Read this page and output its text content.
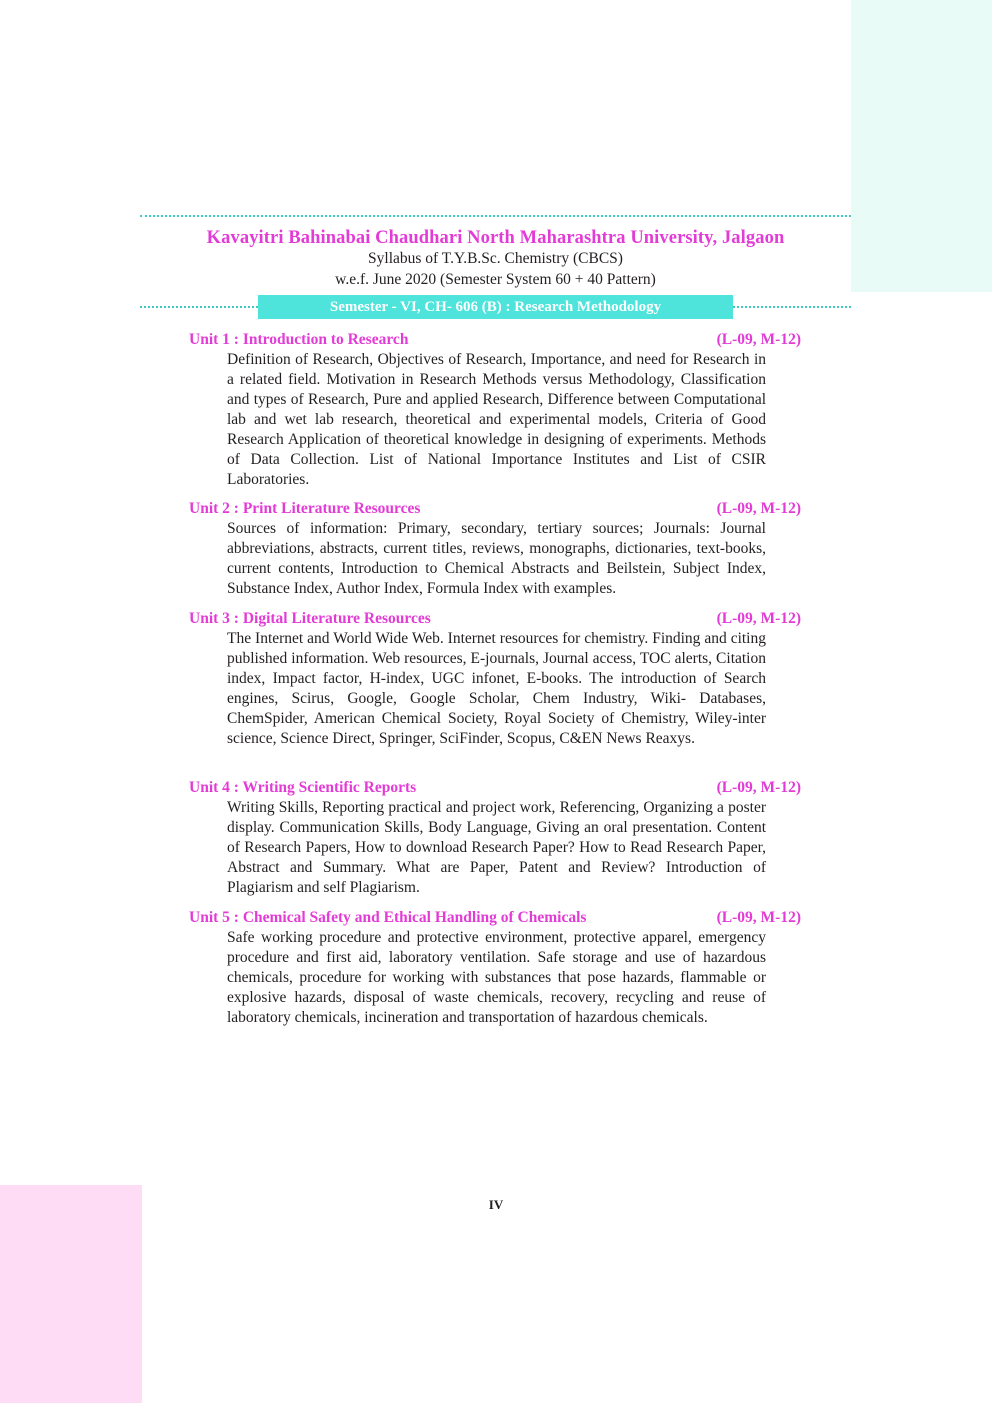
Kavayitri Bahinabai Chaudhari North Maharashtra University, Jalgaon
Syllabus of T.Y.B.Sc. Chemistry (CBCS)
w.e.f. June 2020 (Semester System 60 + 40 Pattern)
Semester - VI, CH- 606 (B) : Research Methodology
Unit 1 : Introduction to Research	(L-09, M-12)
Definition of Research, Objectives of Research, Importance, and need for Research in a related field. Motivation in Research Methods versus Methodology, Classification and types of Research, Pure and applied Research, Difference between Computational lab and wet lab research, theoretical and experimental models, Criteria of Good Research Application of theoretical knowledge in designing of experiments. Methods of Data Collection. List of National Importance Institutes and List of CSIR Laboratories.
Unit 2 : Print Literature Resources	(L-09, M-12)
Sources of information: Primary, secondary, tertiary sources; Journals: Journal abbreviations, abstracts, current titles, reviews, monographs, dictionaries, text-books, current contents, Introduction to Chemical Abstracts and Beilstein, Subject Index, Substance Index, Author Index, Formula Index with examples.
Unit 3 : Digital Literature Resources	(L-09, M-12)
The Internet and World Wide Web. Internet resources for chemistry. Finding and citing published information. Web resources, E-journals, Journal access, TOC alerts, Citation index, Impact factor, H-index, UGC infonet, E-books. The introduction of Search engines, Scirus, Google, Google Scholar, Chem Industry, Wiki- Databases, ChemSpider, American Chemical Society, Royal Society of Chemistry, Wiley-inter science, Science Direct, Springer, SciFinder, Scopus, C&EN News Reaxys.
Unit 4 : Writing Scientific Reports	(L-09, M-12)
Writing Skills, Reporting practical and project work, Referencing, Organizing a poster display. Communication Skills, Body Language, Giving an oral presentation. Content of Research Papers, How to download Research Paper? How to Read Research Paper, Abstract and Summary. What are Paper, Patent and Review? Introduction of Plagiarism and self Plagiarism.
Unit 5 : Chemical Safety and Ethical Handling of Chemicals	(L-09, M-12)
Safe working procedure and protective environment, protective apparel, emergency procedure and first aid, laboratory ventilation. Safe storage and use of hazardous chemicals, procedure for working with substances that pose hazards, flammable or explosive hazards, disposal of waste chemicals, recovery, recycling and reuse of laboratory chemicals, incineration and transportation of hazardous chemicals.
IV
